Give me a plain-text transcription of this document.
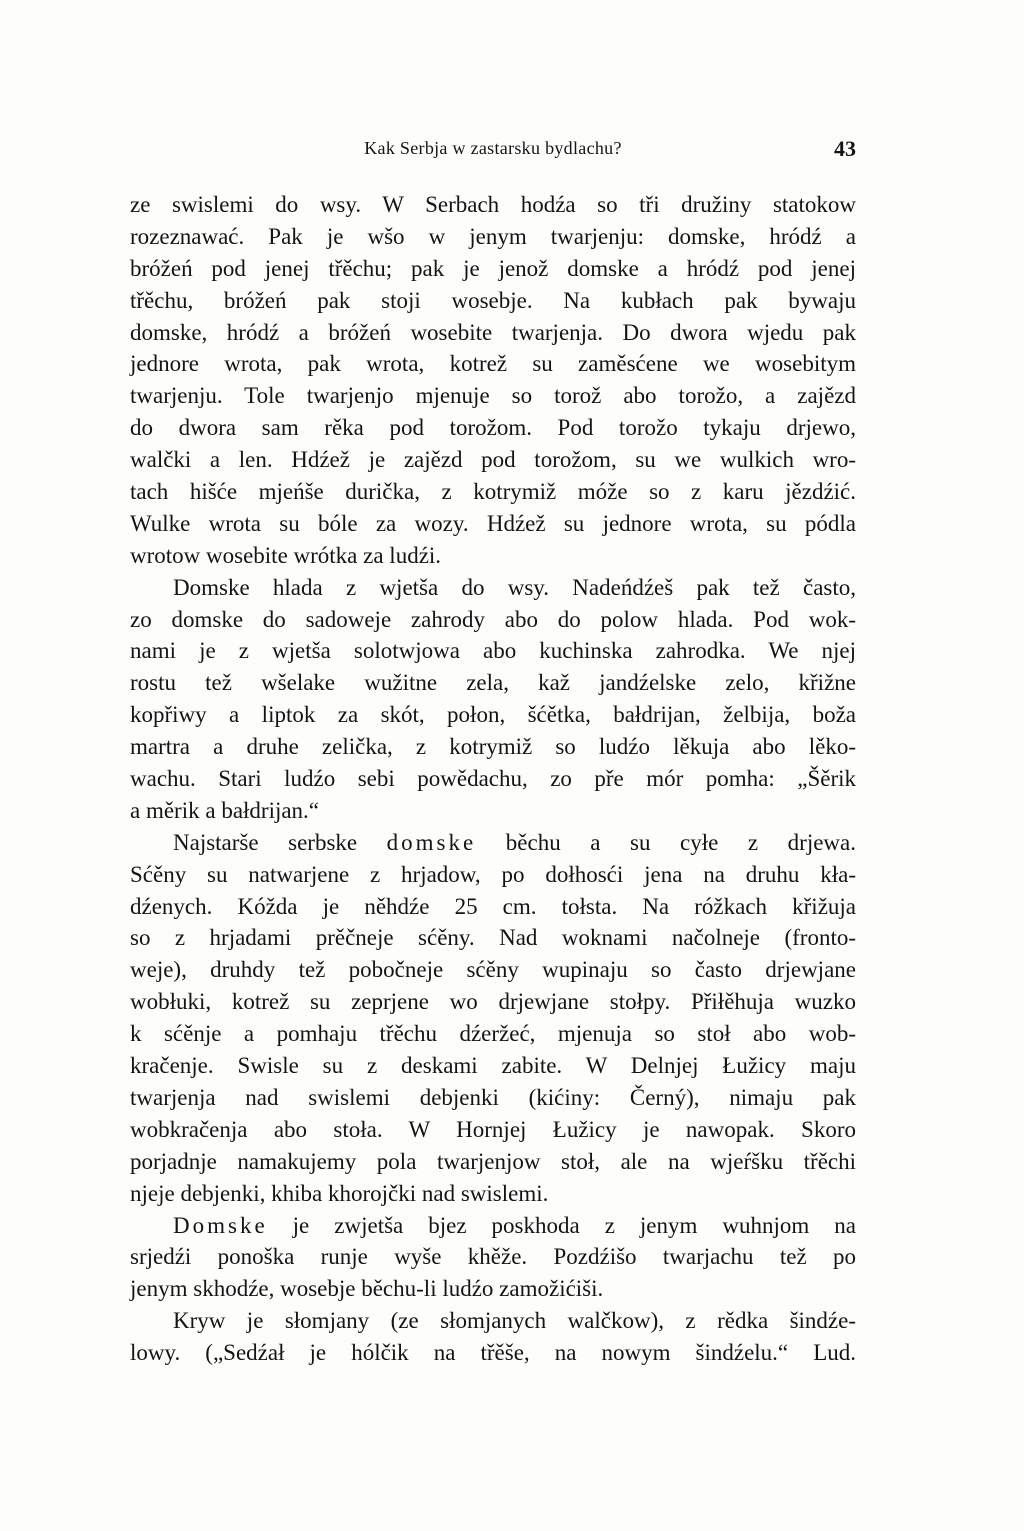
Kak Serbja w zastarsku bydlachu?	43
ze swislemi do wsy. W Serbach hodźa so tři družiny statokow
rozeznawać. Pak je wšo w jenym twarjenju: domske, hródź a
bróžeń pod jenej třěchu; pak je jenož domske a hródź pod jenej
třěchu, bróžeń pak stoji wosebje. Na kubłach pak bywaju
domske, hródź a bróžeń wosebite twarjenja. Do dwora wjedu pak
jednore wrota, pak wrota, kotrež su zaměsćene we wosebitym
twarjenju. Tole twarjenjo mjenuje so torož abo torožo, a zajězd
do dwora sam rěka pod torožom. Pod torožo tykaju drjewo,
walčki a len. Hdźež je zajězd pod torožom, su we wulkich wro-
tach hišće mjeńše durička, z kotrymiž móže so z karu jězdźić.
Wulke wrota su bóle za wozy. Hdźež su jednore wrota, su pódla
wrotow wosebite wrótka za ludźi.
Domske hlada z wjetša do wsy. Nadeńdźeš pak tež často,
zo domske do sadoweje zahrody abo do polow hlada. Pod wok-
nami je z wjetša solotwjowa abo kuchinska zahrodka. We njej
rostu tež wšelake wužitne zela, kaž jandźelske zelo, křižne
kopřiwy a liptok za skót, połon, šćětka, bałdrijan, želbija, boža
martra a druhe zelička, z kotrymiž so ludźo lěkuja abo lěko-
wachu. Stari ludźo sebi powědachu, zo pře mór pomha: „Šěrik
a měrik a bałdrijan.“
Najstarše serbske domske běchu a su cyłe z drjewa.
Sćěny su natwarjene z hrjadow, po dołhosći jena na druhu kła-
dźenych. Kóžda je něhdźe 25 cm. tołsta. Na róžkach křižuja
so z hrjadami prěčneje sćěny. Nad woknami načolneje (fronto-
weje), druhdy tež pobočneje sćěny wupinaju so často drjewjane
wobłuki, kotrež su zeprjene wo drjewjane stołpy. Přiłěhuja wuzko
k sćěnje a pomhaju třěchu dźeržeć, mjenuja so stoł abo wob-
kračenje. Swisle su z deskami zabite. W Delnjej Łužicy maju
twarjenja nad swislemi debjenki (kićiny: Černý), nimaju pak
wobkračenja abo stoła. W Hornjej Łužicy je nawopak. Skoro
porjadnje namakujemy pola twarjenjow stoł, ale na wjeŕšku třěchi
njeje debjenki, khiba khorojčki nad swislemi.
Domske je zwjetša bjez poskhoda z jenym wuhnjom na
srjedźi ponoška runje wyše khěže. Pozdźišo twarjachu tež po
jenym skhodźe, wosebje běchu-li ludźo zamožićiši.
Kryw je słomjany (ze słomjanych walčkow), z rědka šindźe-
lowy. („Sedźał je hólčik na třěše, na nowym šindźelu.“ Lud.
